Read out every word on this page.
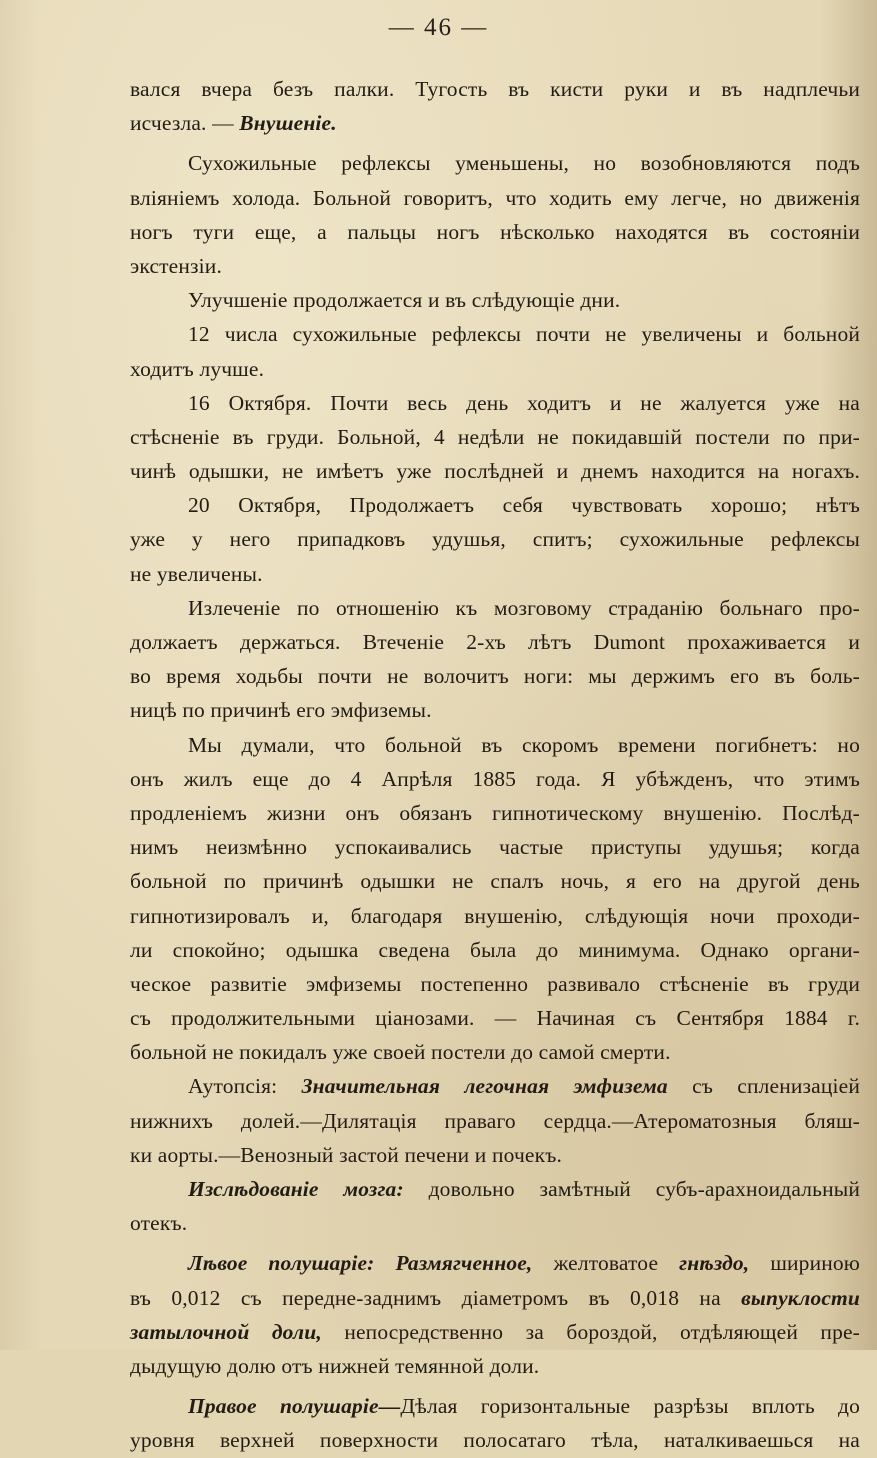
— 46 —
вался вчера безъ палки. Тугость въ кисти руки и въ надплечьи
исчезла. — Внушеніе.
Сухожильные рефлексы уменьшены, но возобновляются подъ
вліяніемъ холода. Больной говоритъ, что ходить ему легче, но движенія
ногъ туги еще, а пальцы ногъ нѣсколько находятся въ состояніи
экстензіи.
Улучшеніе продолжается и въ слѣдующіе дни.
12 числа сухожильные рефлексы почти не увеличены и больной
ходитъ лучше.
16 Октября. Почти весь день ходитъ и не жалуется уже на
стѣсненіе въ груди. Больной, 4 недѣли не покидавшій постели по при-
чинѣ одышки, не имѣетъ уже послѣдней и днемъ находится на ногахъ.
20 Октября, Продолжаетъ себя чувствовать хорошо; нѣтъ
уже у него припадковъ удушья, спитъ; сухожильные рефлексы
не увеличены.
Излеченіе по отношенію къ мозговому страданію больнаго про-
должаетъ держаться. Втеченіе 2-хъ лѣтъ Dumont прохаживается и
во время ходьбы почти не волочитъ ноги: мы держимъ его въ боль-
ницѣ по причинѣ его эмфиземы.
Мы думали, что больной въ скоромъ времени погибнетъ: но
онъ жилъ еще до 4 Апрѣля 1885 года. Я убѣжденъ, что этимъ
продленіемъ жизни онъ обязанъ гипнотическому внушенію. Послѣд-
нимъ неизмѣнно успокаивались частые приступы удушья; когда
больной по причинѣ одышки не спалъ ночь, я его на другой день
гипнотизировалъ и, благодаря внушенію, слѣдующія ночи проходи-
ли спокойно; одышка сведена была до минимума. Однако органи-
ческое развитіе эмфиземы постепенно развивало стѣсненіе въ груди
съ продолжительными ціанозами. — Начиная съ Сентября 1884 г.
больной не покидалъ уже своей постели до самой смерти.
Аутопсія: Значительная легочная эмфизема съ спленизаціей
нижнихъ долей.—Дилятація праваго сердца.—Атероматозныя бляш-
ки аорты.—Венозный застой печени и почекъ.
Изслѣдованіе мозга: довольно замѣтный субъ-арахноидальный
отекъ.
Лѣвое полушаріе: Размягченное, желтоватое гнѣздо, шириною
въ 0,012 съ передне-заднимъ діаметромъ въ 0,018 на выпуклости
затылочной доли, непосредственно за бороздой, отдѣляющей пре-
дыдущую долю отъ нижней темянной доли.
Правое полушаріе—Дѣлая горизонтальные разрѣзы вплоть до
уровня верхней поверхности полосатаго тѣла, наталкиваешься на
